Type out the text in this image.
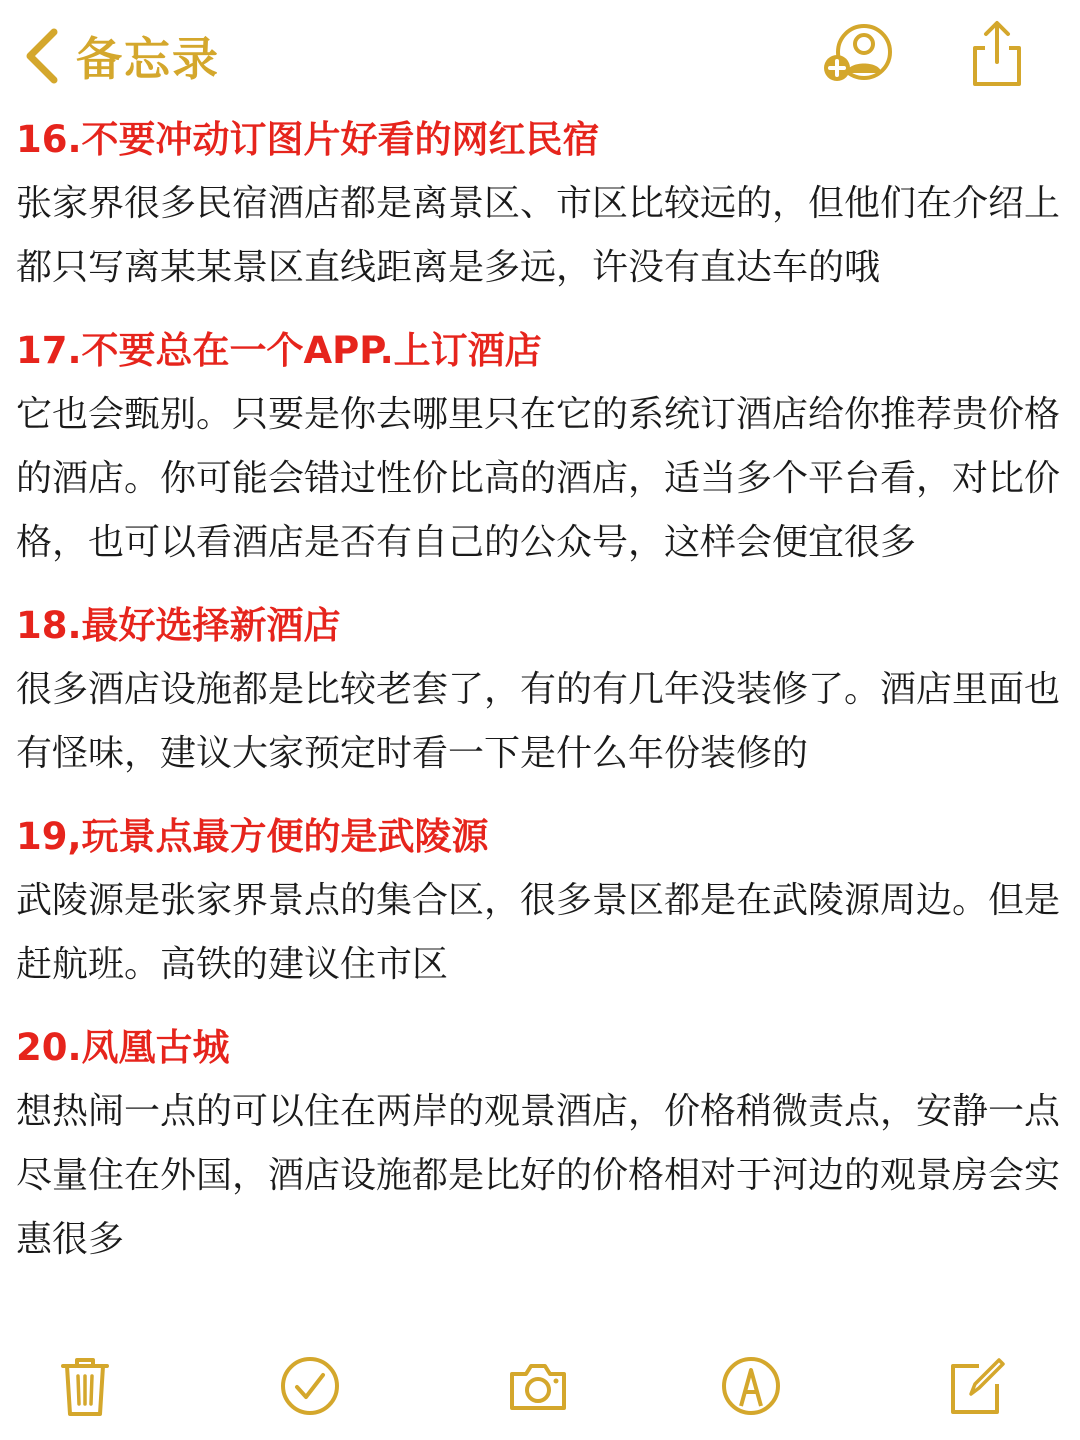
备忘录
16.不要冲动订图片好看的网红民宿

张家界很多民宿酒店都是离景区、市区比较远的，但他们在介绍上都只写离某某景区直线距离是多远，许没有直达车的哦

17.不要总在一个APP.上订酒店

它也会甄别。只要是你去哪里只在它的系统订酒店给你推荐贵价格的酒店。你可能会错过性价比高的酒店，适当多个平台看，对比价格，也可以看酒店是否有自己的公众号，这样会便宜很多

18.最好选择新酒店

很多酒店设施都是比较老套了，有的有几年没装修了。酒店里面也有怪味，建议大家预定时看一下是什么年份装修的

19,玩景点最方便的是武陵源

武陵源是张家界景点的集合区，很多景区都是在武陵源周边。但是赶航班。高铁的建议住市区

20.凤凰古城

想热闹一点的可以住在两岸的观景酒店，价格稍微责点，安静一点尽量住在外国，酒店设施都是比好的价格相对于河边的观景房会实惠很多
